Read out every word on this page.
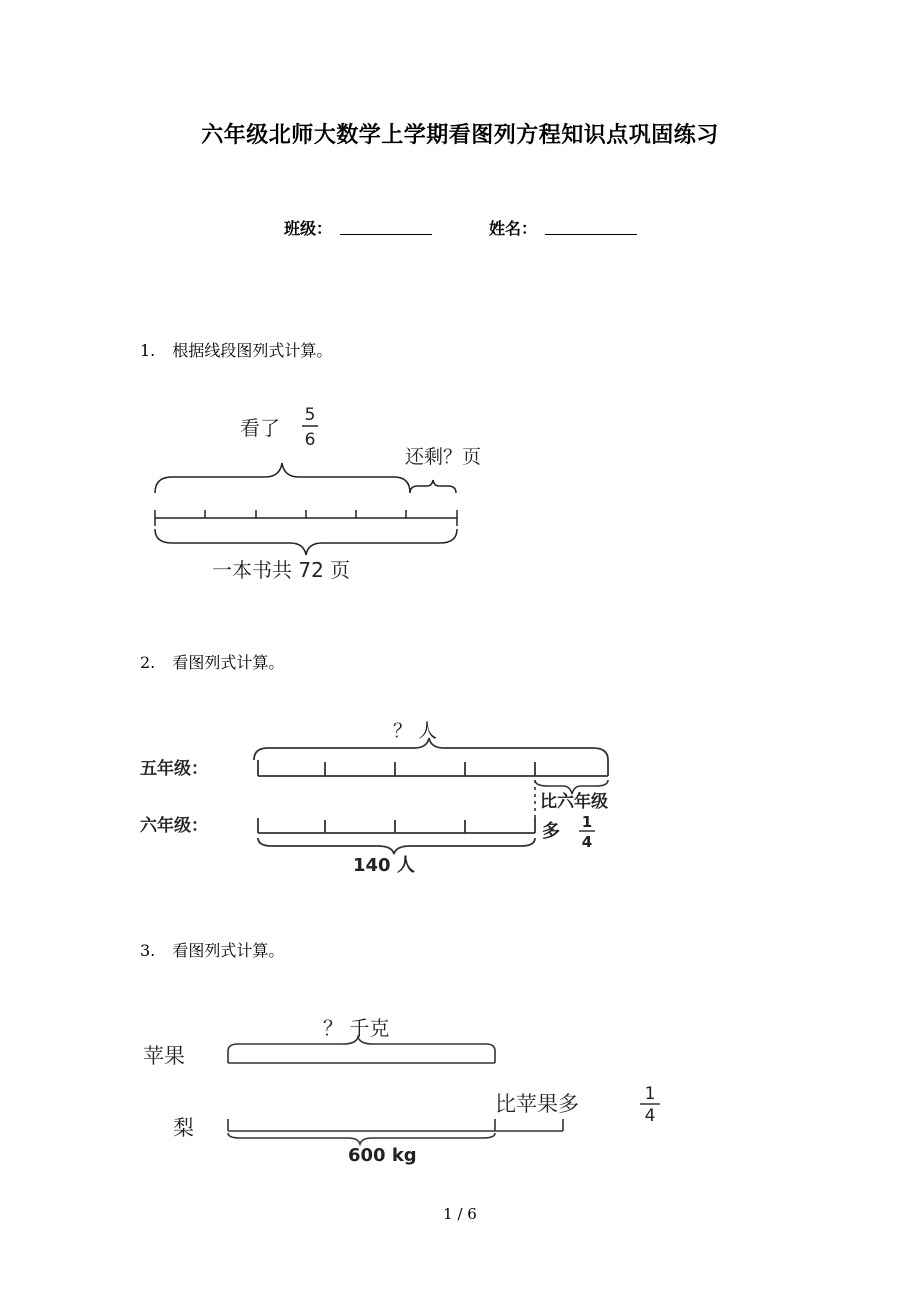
六年级北师大数学上学期看图列方程知识点巩固练习
班级：	姓名：
1. 根据线段图列式计算。
看了
5
6
还剩？页
一本书共 72 页
2. 看图列式计算。
？ 人
五年级：
比六年级
六年级：	多 1
4
140 人
3. 看图列式计算。
？ 千克
苹果
比苹果多	1
4
梨
600 kg
1 / 6
